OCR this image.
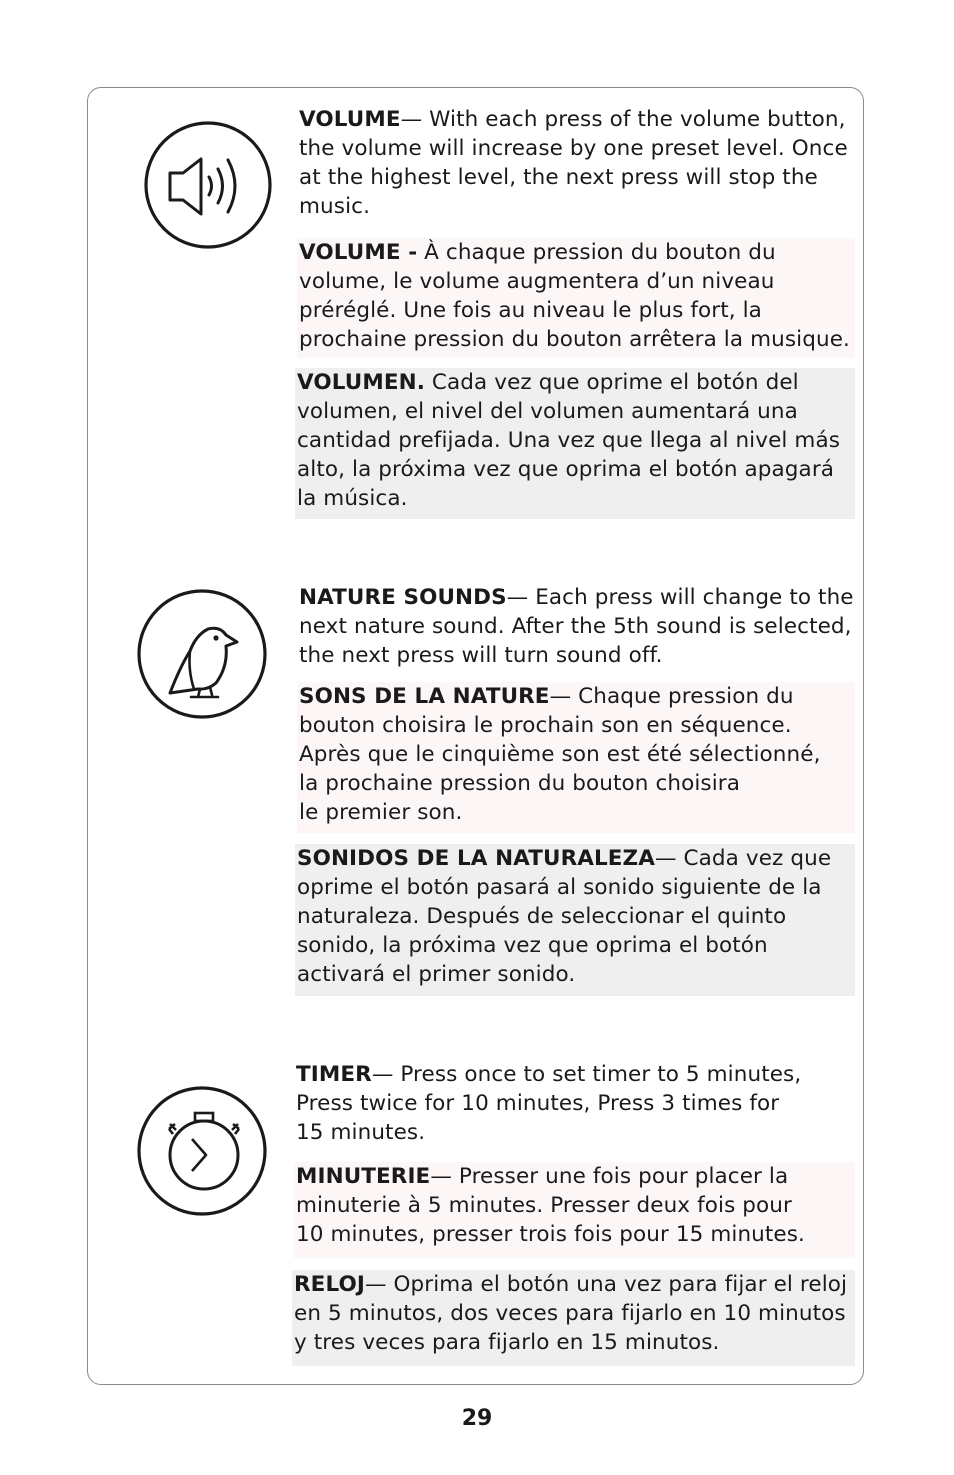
VOLUME— With each press of the volume button,
the volume will increase by one preset level. Once
at the highest level, the next press will stop the
music.
VOLUME - À chaque pression du bouton du
volume, le volume augmentera d’un niveau
préréglé. Une fois au niveau le plus fort, la
prochaine pression du bouton arrêtera la musique.
VOLUMEN. Cada vez que oprime el botón del
volumen, el nivel del volumen aumentará una
cantidad prefijada. Una vez que llega al nivel más
alto, la próxima vez que oprima el botón apagará
la música.
NATURE SOUNDS— Each press will change to the
next nature sound. After the 5th sound is selected,
the next press will turn sound off.
SONS DE LA NATURE— Chaque pression du
bouton choisira le prochain son en séquence.
Après que le cinquième son est été sélectionné,
la prochaine pression du bouton choisira
le premier son.
SONIDOS DE LA NATURALEZA— Cada vez que
oprime el botón pasará al sonido siguiente de la
naturaleza. Después de seleccionar el quinto
sonido, la próxima vez que oprima el botón
activará el primer sonido.
TIMER— Press once to set timer to 5 minutes,
Press twice for 10 minutes, Press 3 times for
15 minutes.
MINUTERIE— Presser une fois pour placer la
minuterie à 5 minutes. Presser deux fois pour
10 minutes, presser trois fois pour 15 minutes.
RELOJ— Oprima el botón una vez para fijar el reloj
en 5 minutos, dos veces para fijarlo en 10 minutos
y tres veces para fijarlo en 15 minutos.
29
